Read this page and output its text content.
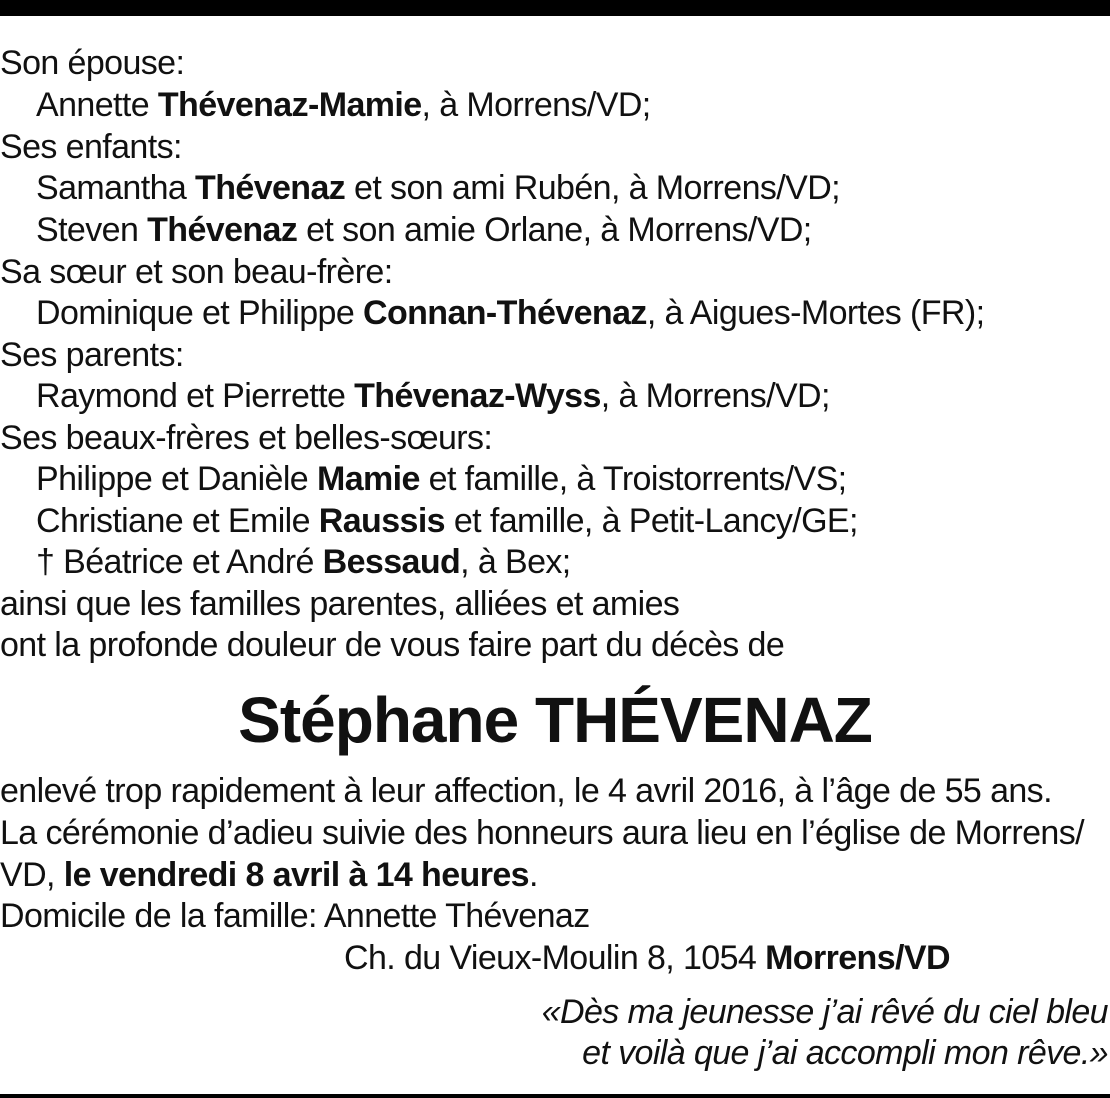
Son épouse:
Annette Thévenaz-Mamie, à Morrens/VD;
Ses enfants:
Samantha Thévenaz et son ami Rubén, à Morrens/VD;
Steven Thévenaz et son amie Orlane, à Morrens/VD;
Sa sœur et son beau-frère:
Dominique et Philippe Connan-Thévenaz, à Aigues-Mortes (FR);
Ses parents:
Raymond et Pierrette Thévenaz-Wyss, à Morrens/VD;
Ses beaux-frères et belles-sœurs:
Philippe et Danièle Mamie et famille, à Troistorrents/VS;
Christiane et Emile Raussis et famille, à Petit-Lancy/GE;
† Béatrice et André Bessaud, à Bex;
ainsi que les familles parentes, alliées et amies
ont la profonde douleur de vous faire part du décès de
Stéphane THÉVENAZ
enlevé trop rapidement à leur affection, le 4 avril 2016, à l’âge de 55 ans.
La cérémonie d’adieu suivie des honneurs aura lieu en l’église de Morrens/
VD, le vendredi 8 avril à 14 heures.
Domicile de la famille: Annette Thévenaz
Ch. du Vieux-Moulin 8, 1054 Morrens/VD
«Dès ma jeunesse j’ai rêvé du ciel bleu
et voilà que j’ai accompli mon rêve.»
